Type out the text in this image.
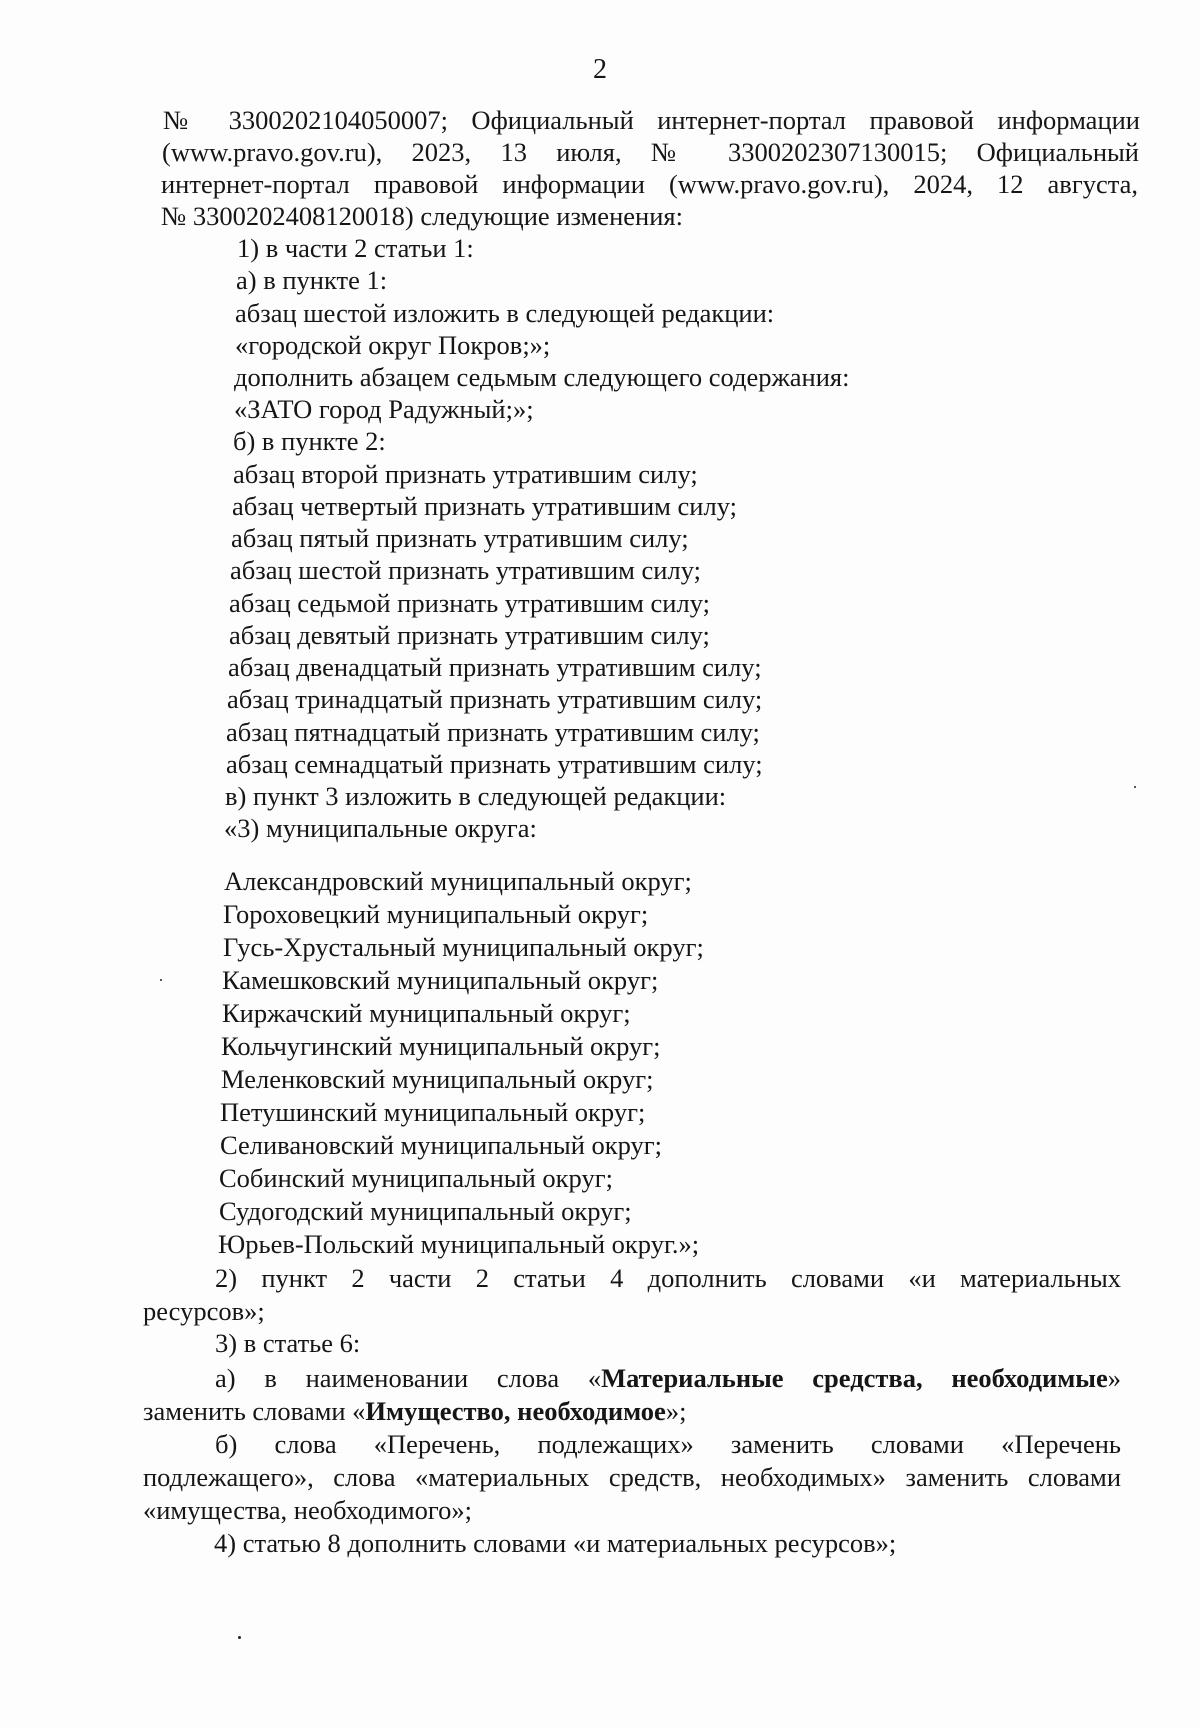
2
№ 3300202104050007; Официальный интернет-портал правовой информации
(www.pravo.gov.ru), 2023, 13 июля, № 3300202307130015; Официальный
интернет-портал правовой информации (www.pravo.gov.ru), 2024, 12 августа,
№ 3300202408120018) следующие изменения:
1) в части 2 статьи 1:
а) в пункте 1:
абзац шестой изложить в следующей редакции:
«городской округ Покров;»;
дополнить абзацем седьмым следующего содержания:
«ЗАТО город Радужный;»;
б) в пункте 2:
абзац второй признать утратившим силу;
абзац четвертый признать утратившим силу;
абзац пятый признать утратившим силу;
абзац шестой признать утратившим силу;
абзац седьмой признать утратившим силу;
абзац девятый признать утратившим силу;
абзац двенадцатый признать утратившим силу;
абзац тринадцатый признать утратившим силу;
абзац пятнадцатый признать утратившим силу;
абзац семнадцатый признать утратившим силу;
в) пункт 3 изложить в следующей редакции:
«3) муниципальные округа:
Александровский муниципальный округ;
Гороховецкий муниципальный округ;
Гусь-Хрустальный муниципальный округ;
Камешковский муниципальный округ;
Киржачский муниципальный округ;
Кольчугинский муниципальный округ;
Меленковский муниципальный округ;
Петушинский муниципальный округ;
Селивановский муниципальный округ;
Собинский муниципальный округ;
Судогодский муниципальный округ;
Юрьев-Польский муниципальный округ.»;
2) пункт 2 части 2 статьи 4 дополнить словами «и материальных
ресурсов»;
3) в статье 6:
а) в наименовании слова «Материальные средства, необходимые»
заменить словами «Имущество, необходимое»;
б) слова «Перечень, подлежащих» заменить словами «Перечень
подлежащего», слова «материальных средств, необходимых» заменить словами
«имущества, необходимого»;
4) статью 8 дополнить словами «и материальных ресурсов»;
